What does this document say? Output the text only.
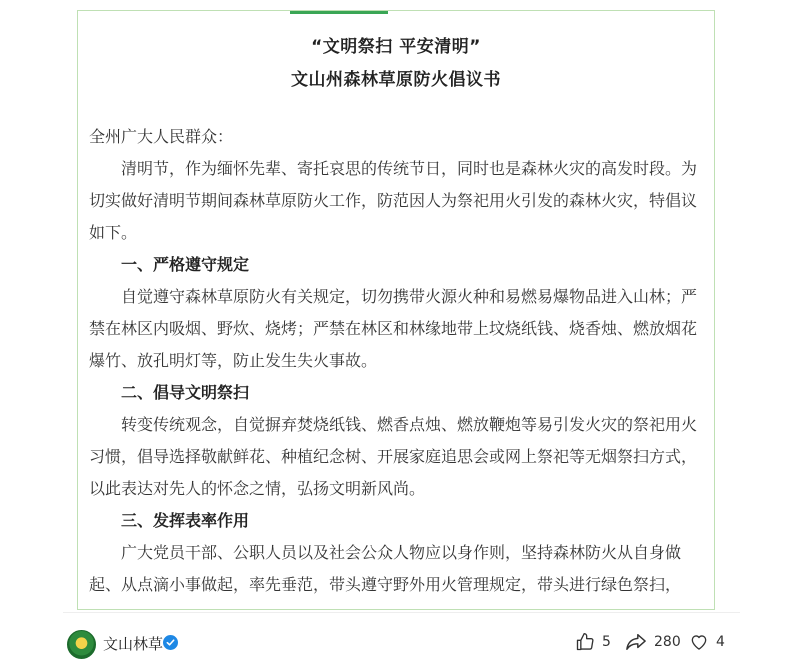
“文明祭扫 平安清明”
文山州森林草原防火倡议书

全州广大人民群众：

清明节，作为缅怀先辈、寄托哀思的传统节日，同时也是森林火灾的高发时段。为切实做好清明节期间森林草原防火工作，防范因人为祭祀用火引发的森林火灾，特倡议如下。

一、严格遵守规定

自觉遵守森林草原防火有关规定，切勿携带火源火种和易燃易爆物品进入山林；严禁在林区内吸烟、野炊、烧烤；严禁在林区和林缘地带上坟烧纸钱、烧香烛、燃放烟花爆竹、放孔明灯等，防止发生失火事故。

二、倡导文明祭扫

转变传统观念，自觉摒弃焚烧纸钱、燃香点烛、燃放鞭炮等易引发火灾的祭祀用火习惯，倡导选择敬献鲜花、种植纪念树、开展家庭追思会或网上祭祀等无烟祭扫方式，以此表达对先人的怀念之情，弘扬文明新风尚。

三、发挥表率作用

广大党员干部、公职人员以及社会公众人物应以身作则，坚持森林防火从自身做起、从点滴小事做起，率先垂范，带头遵守野外用火管理规定，带头进行绿色祭扫，

文山林草	5	280	4
